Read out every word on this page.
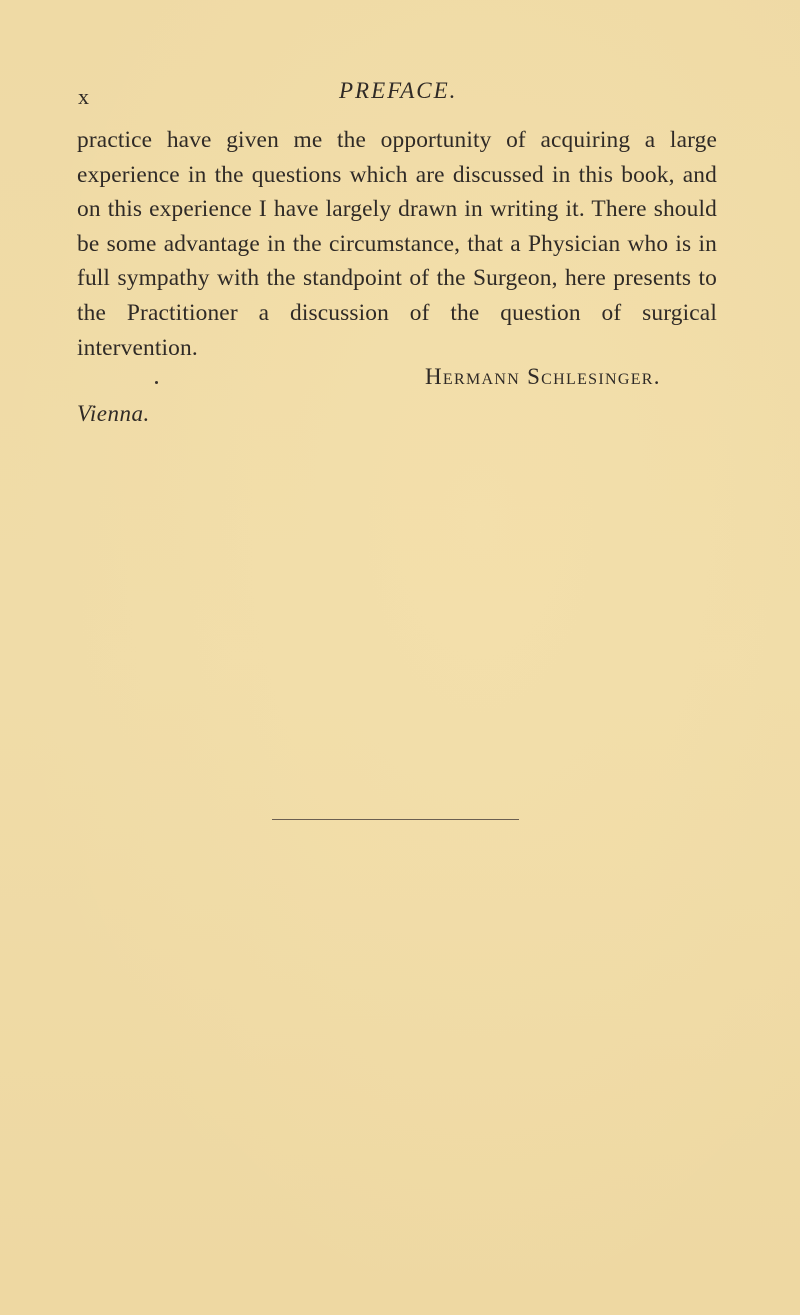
x	PREFACE.

practice have given me the opportunity of acquiring a large experience in the questions which are discussed in this book, and on this experience I have largely drawn in writing it. There should be some advantage in the circumstance, that a Physician who is in full sympathy with the standpoint of the Surgeon, here presents to the Practitioner a discussion of the question of surgical intervention.

Hermann Schlesinger.
Vienna.
